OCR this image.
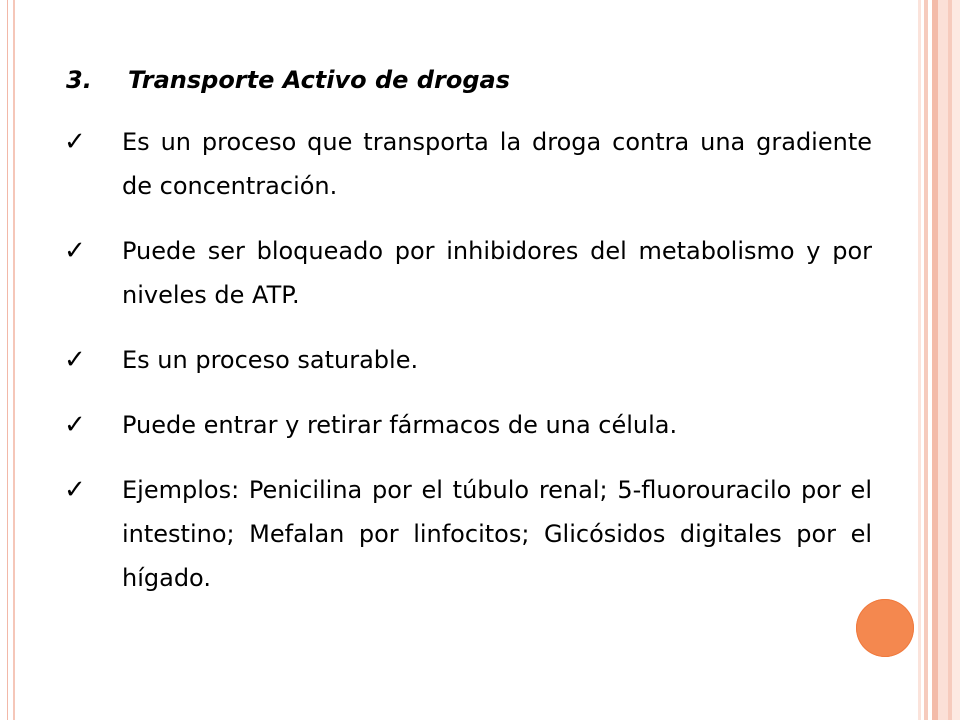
3. Transporte Activo de drogas
✓ Es un proceso que transporta la droga contra una gradiente de concentración.
✓ Puede ser bloqueado por inhibidores del metabolismo y por niveles de ATP.
✓ Es un proceso saturable.
✓ Puede entrar y retirar fármacos de una célula.
✓ Ejemplos: Penicilina por el túbulo renal; 5-fluorouracilo por el intestino; Mefalan por linfocitos; Glicósidos digitales por el hígado.
